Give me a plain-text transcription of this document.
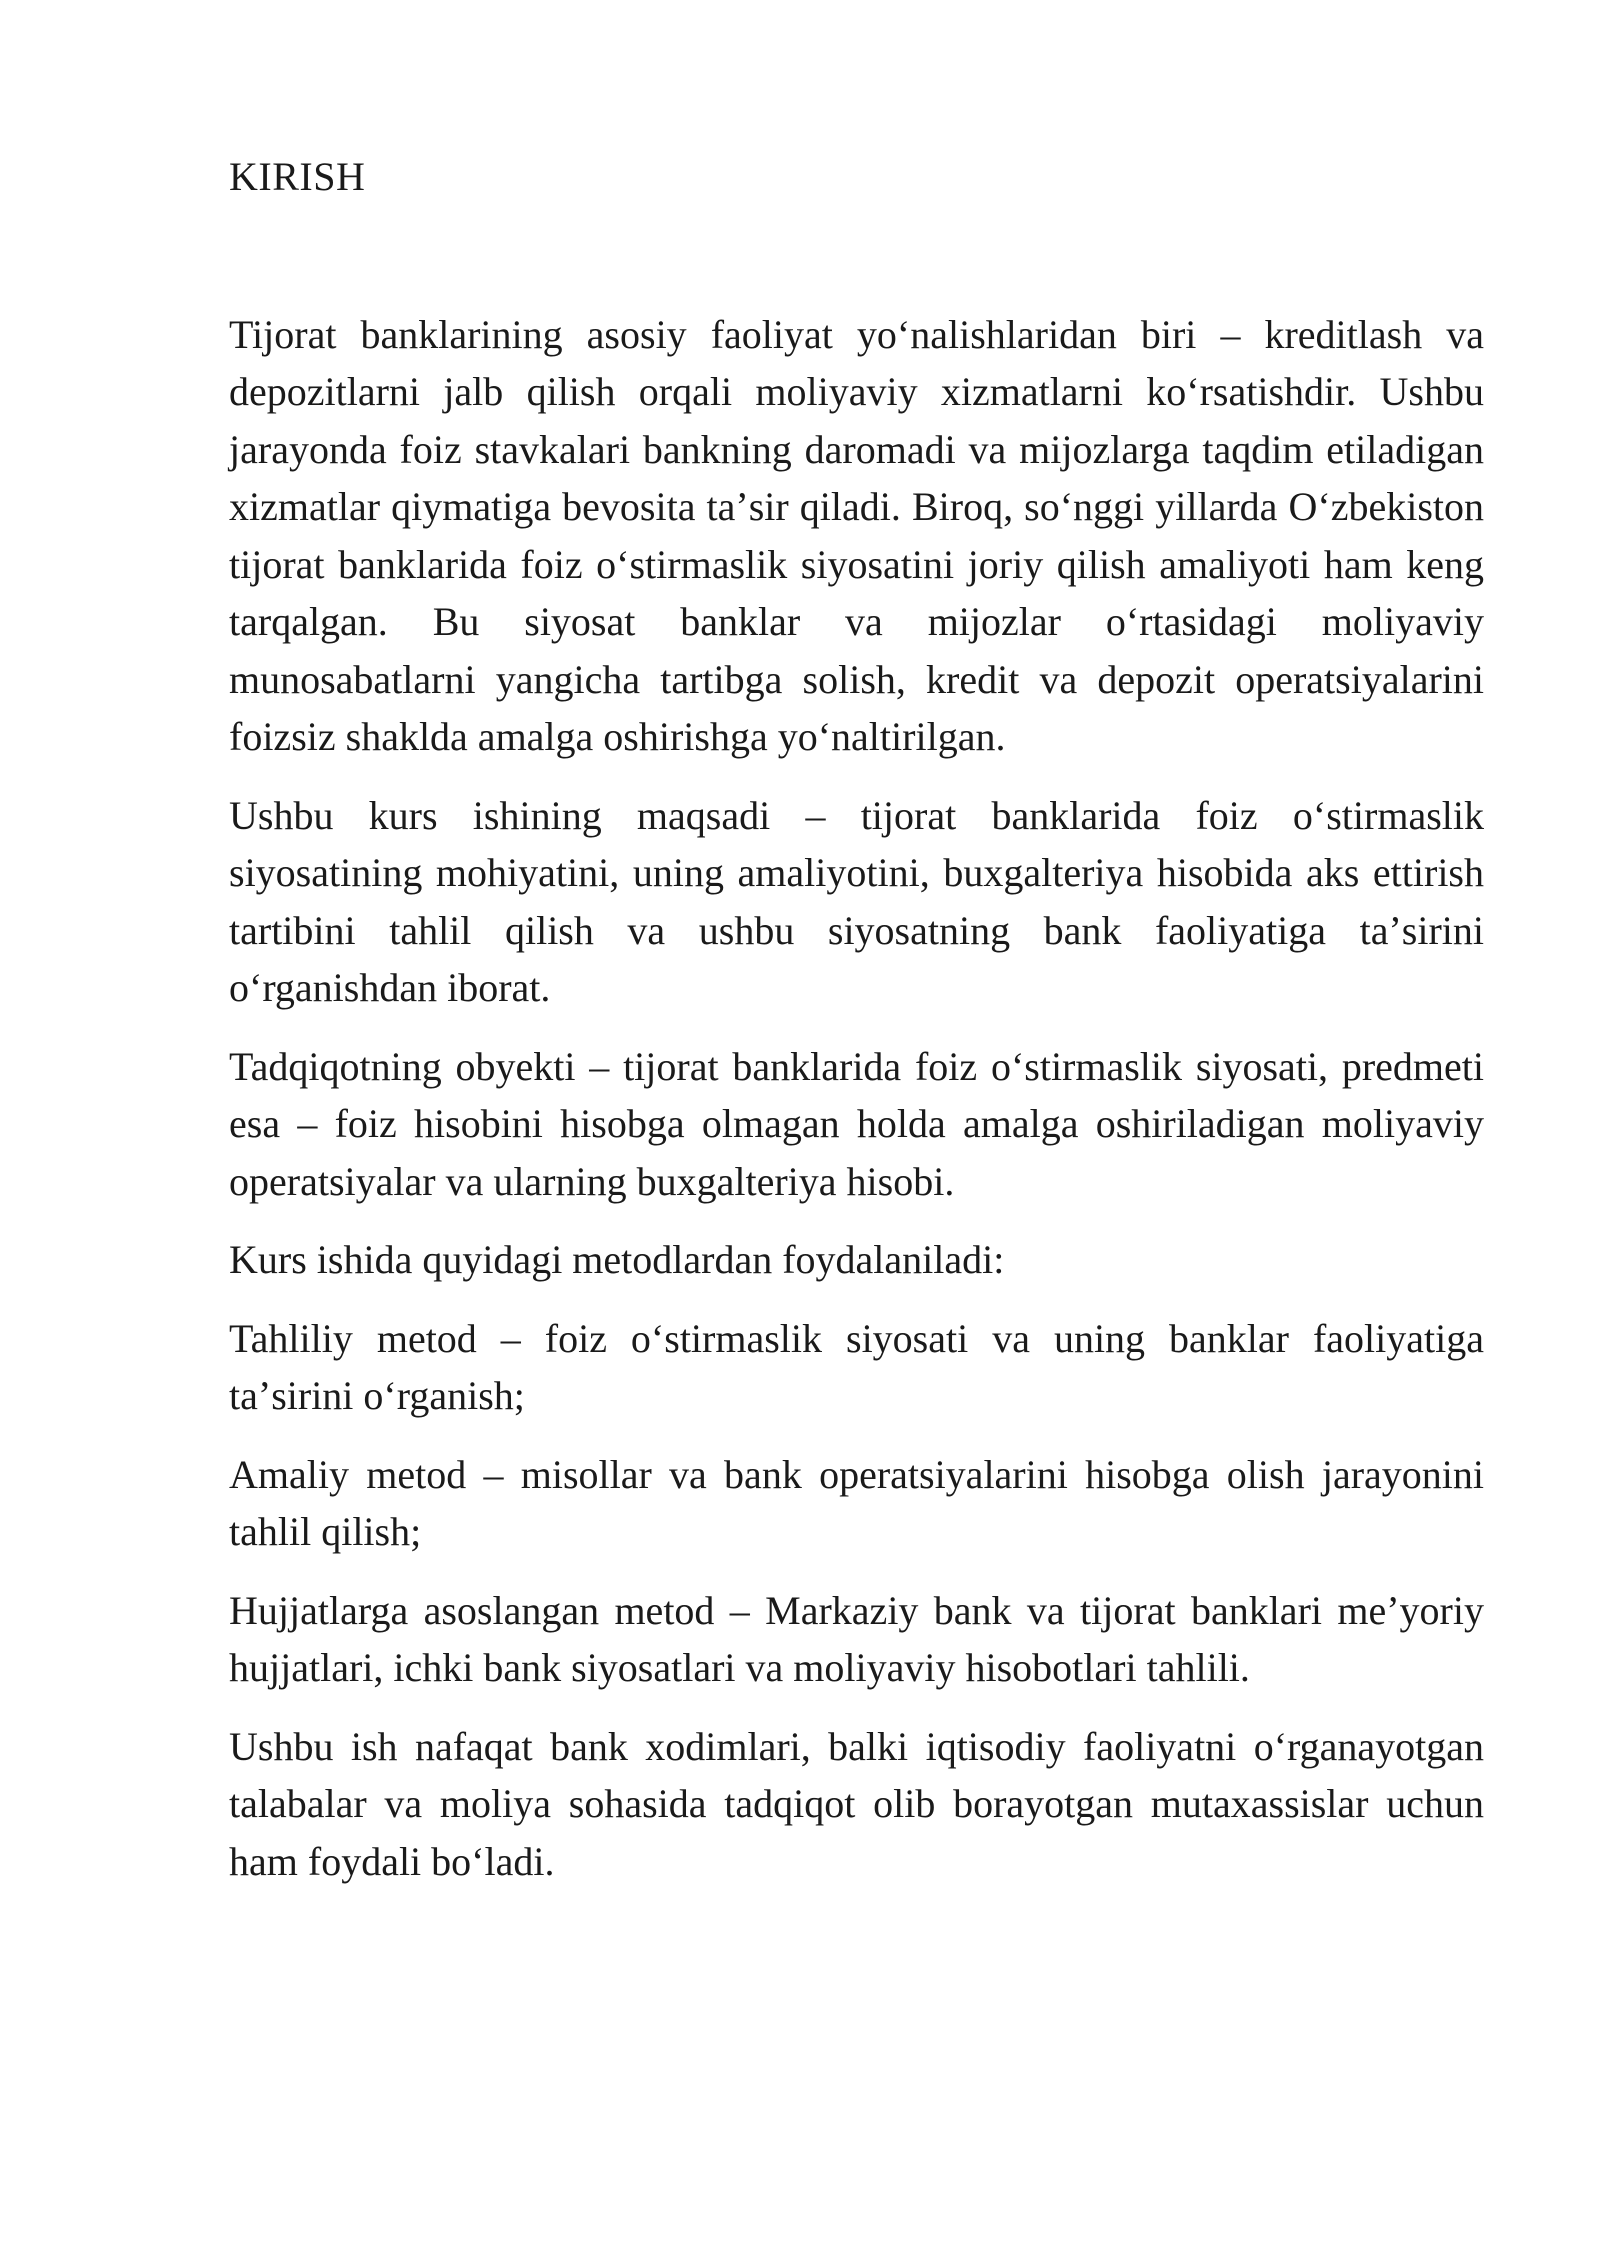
KIRISH

Tijorat banklarining asosiy faoliyat yoʻnalishlaridan biri – kreditlash va depozitlarni jalb qilish orqali moliyaviy xizmatlarni koʻrsatishdir. Ushbu jarayonda foiz stavkalari bankning daromadi va mijozlarga taqdim etiladigan xizmatlar qiymatiga bevosita taʼsir qiladi. Biroq, soʻnggi yillarda Oʻzbekiston tijorat banklarida foiz oʻstirmaslik siyosatini joriy qilish amaliyoti ham keng tarqalgan. Bu siyosat banklar va mijozlar oʻrtasidagi moliyaviy munosabatlarni yangicha tartibga solish, kredit va depozit operatsiyalarini foizsiz shakldа amalga oshirishga yoʻnaltirilgan.

Ushbu kurs ishining maqsadi – tijorat banklarida foiz oʻstirmaslik siyosatining mohiyatini, uning amaliyotini, buxgalteriya hisobida aks ettirish tartibini tahlil qilish va ushbu siyosatning bank faoliyatiga taʼsirini oʻrganishdan iborat.

Tadqiqotning obyekti – tijorat banklarida foiz oʻstirmaslik siyosati, predmeti esa – foiz hisobini hisobga olmagan holda amalga oshiriladigan moliyaviy operatsiyalar va ularning buxgalteriya hisobi.

Kurs ishida quyidagi metodlardan foydalaniladi:

Tahliliy metod – foiz oʻstirmaslik siyosati va uning banklar faoliyatiga taʼsirini oʻrganish;

Amaliy metod – misollar va bank operatsiyalarini hisobga olish jarayonini tahlil qilish;

Hujjatlarga asoslangan metod – Markaziy bank va tijorat banklari meʼyoriy hujjatlari, ichki bank siyosatlari va moliyaviy hisobotlari tahlili.

Ushbu ish nafaqat bank xodimlari, balki iqtisodiy faoliyatni oʻrganayotgan talabalar va moliya sohasida tadqiqot olib borayotgan mutaxassislar uchun ham foydali boʻladi.
